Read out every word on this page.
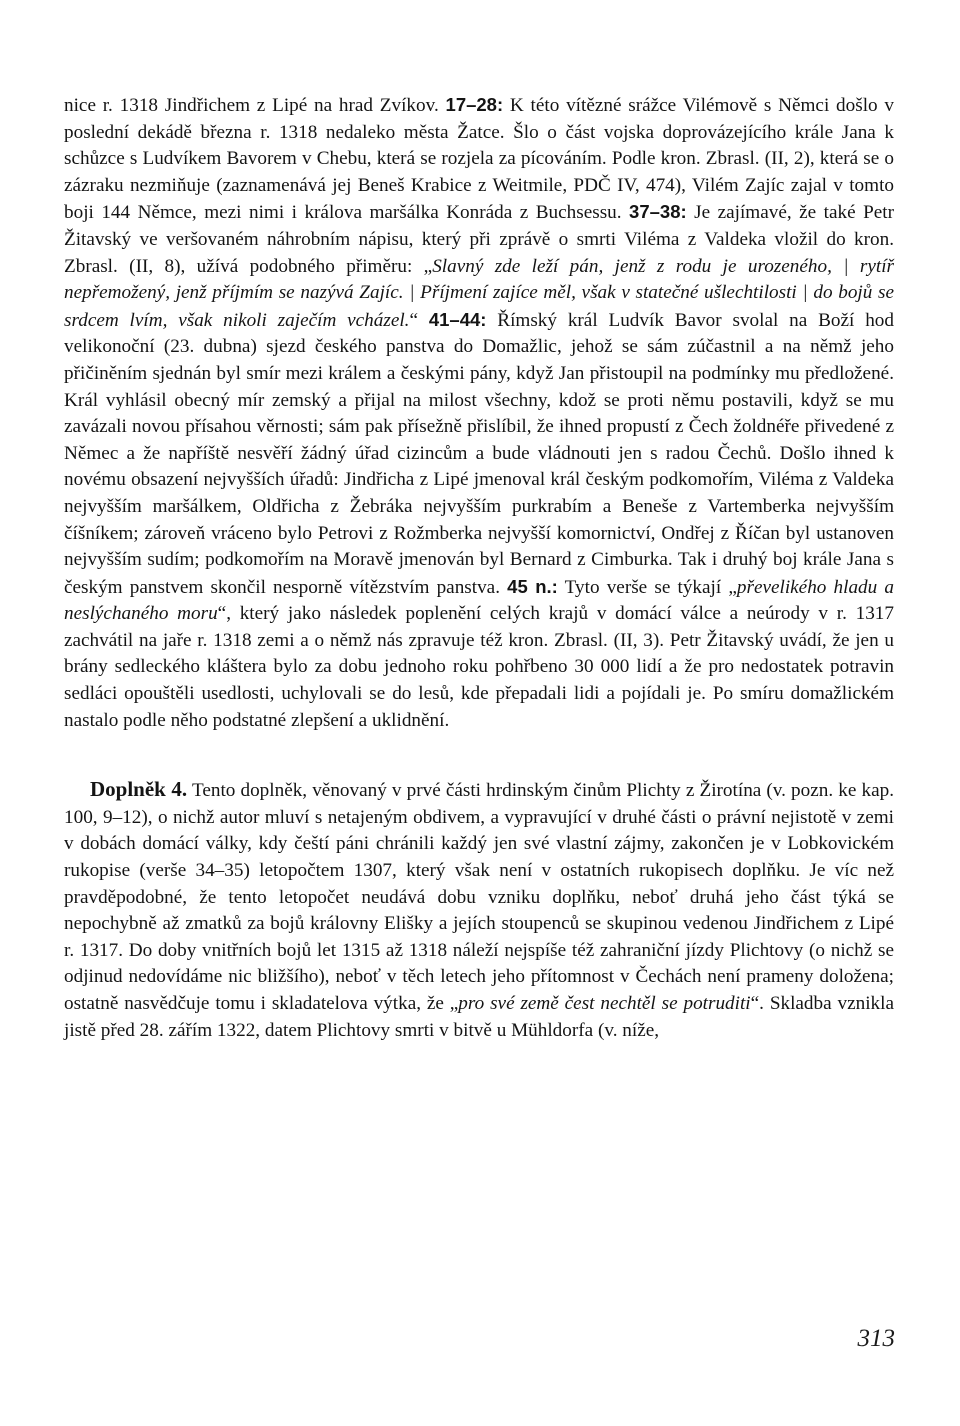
nice r. 1318 Jindřichem z Lipé na hrad Zvíkov. 17–28: K této vítězné srážce Vilémově s Němci došlo v poslední dekádě března r. 1318 nedaleko města Žatce. Šlo o část vojska doprovázejícího krále Jana k schůzce s Ludvíkem Bavorem v Chebu, která se rozjela za pícováním. Podle kron. Zbrasl. (II, 2), která se o zázraku nezmiňuje (zaznamenává jej Beneš Krabice z Weitmile, PDČ IV, 474), Vilém Zajíc zajal v tomto boji 144 Němce, mezi nimi i králova maršálka Konráda z Buchsessu. 37–38: Je zajímavé, že také Petr Žitavský ve veršovaném náhrobním nápisu, který při zprávě o smrti Viléma z Valdeka vložil do kron. Zbrasl. (II, 8), užívá podobného přiměru: „Slavný zde leží pán, jenž z rodu je urozeného, | rytíř nepřemožený, jenž příjmím se nazývá Zajíc. | Příjmení zajíce měl, však v statečné ušlechtilosti | do bojů se srdcem lvím, však nikoli zaječím vcházel.“ 41–44: Římský král Ludvík Bavor svolal na Boží hod velikonoční (23. dubna) sjezd českého panstva do Domažlic, jehož se sám zúčastnil a na němž jeho přičiněním sjednán byl smír mezi králem a českými pány, když Jan přistoupil na podmínky mu předložené. Král vyhlásil obecný mír zemský a přijal na milost všechny, kdož se proti němu postavili, když se mu zavázali novou přísahou věrnosti; sám pak přísežně přislíbil, že ihned propustí z Čech žoldnéře přivedené z Němec a že napříště nesvěří žádný úřad cizincům a bude vládnouti jen s radou Čechů. Došlo ihned k novému obsazení nejvyšších úřadů: Jindřicha z Lipé jmenoval král českým podkomořím, Viléma z Valdeka nejvyšším maršálkem, Oldřicha z Žebráka nejvyšším purkrabím a Beneše z Vartemberka nejvyšším číšníkem; zároveň vráceno bylo Petrovi z Rožmberka nejvyšší komornictví, Ondřej z Říčan byl ustanoven nejvyšším sudím; podkomořím na Moravě jmenován byl Bernard z Cimburka. Tak i druhý boj krále Jana s českým panstvem skončil nesporně vítězstvím panstva. 45 n.: Tyto verše se týkají „převelikého hladu a neslýchaného moru“, který jako následek poplenění celých krajů v domácí válce a neúrody v r. 1317 zachvátil na jaře r. 1318 zemi a o němž nás zpravuje též kron. Zbrasl. (II, 3). Petr Žitavský uvádí, že jen u brány sedleckého kláštera bylo za dobu jednoho roku pohřbeno 30 000 lidí a že pro nedostatek potravin sedláci opouštěli usedlosti, uchylovali se do lesů, kde přepadali lidi a pojídali je. Po smíru domažlickém nastalo podle něho podstatné zlepšení a uklidnění.

Doplněk 4. Tento doplněk, věnovaný v prvé části hrdinským činům Plichty z Žirotína (v. pozn. ke kap. 100, 9–12), o nichž autor mluví s netajeným obdivem, a vypravující v druhé části o právní nejistotě v zemi v dobách domácí války, kdy čeští páni chránili každý jen své vlastní zájmy, zakončen je v Lobkovickém rukopise (verše 34–35) letopočtem 1307, který však není v ostatních rukopisech doplňku. Je víc než pravděpodobné, že tento letopočet neudává dobu vzniku doplňku, neboť druhá jeho část týká se nepochybně až zmatků za bojů královny Elišky a jejích stoupenců se skupinou vedenou Jindřichem z Lipé r. 1317. Do doby vnitřních bojů let 1315 až 1318 náleží nejspíše též zahraniční jízdy Plichtovy (o nichž se odjinud nedovídáme nic bližšího), neboť v těch letech jeho přítomnost v Čechách není prameny doložena; ostatně nasvědčuje tomu i skladatelova výtka, že „pro své země čest nechtěl se potruditi“. Skladba vznikla jistě před 28. zářím 1322, datem Plichtovy smrti v bitvě u Mühldorfa (v. níže,

313
